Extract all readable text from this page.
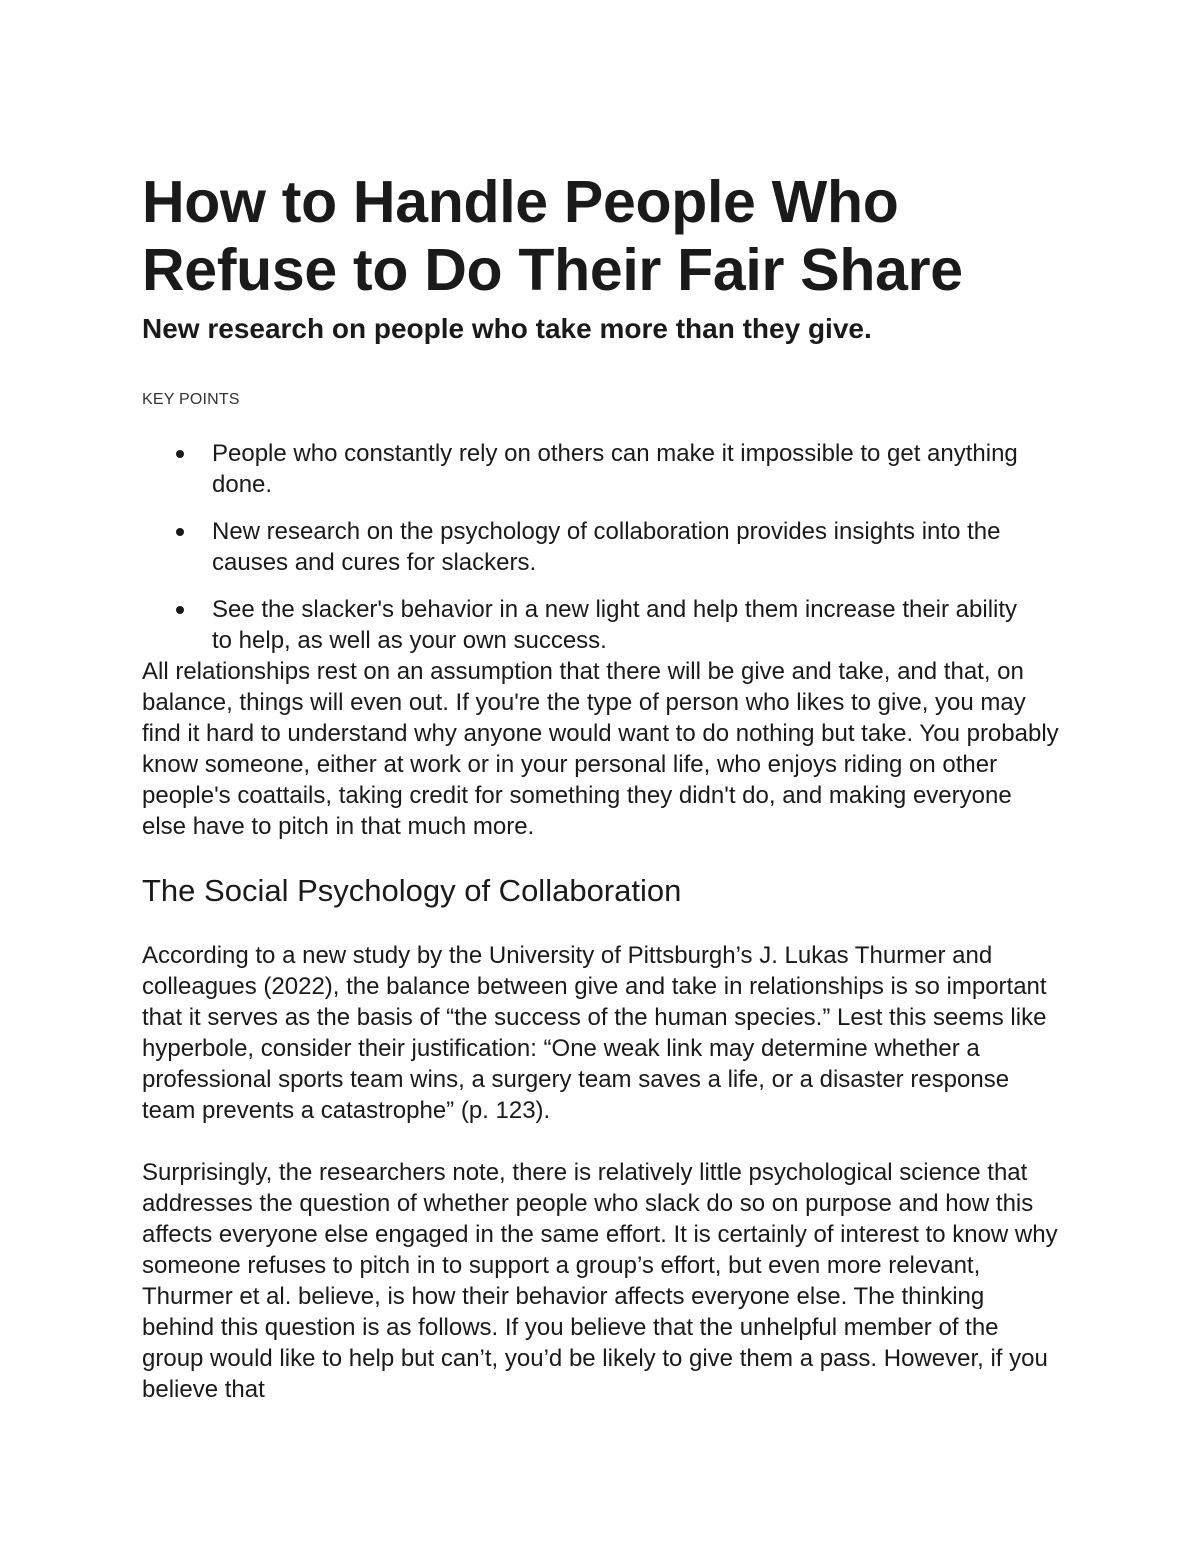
How to Handle People Who
Refuse to Do Their Fair Share

New research on people who take more than they give.

KEY POINTS

People who constantly rely on others can make it impossible to get anything done.
New research on the psychology of collaboration provides insights into the causes and cures for slackers.
See the slacker's behavior in a new light and help them increase their ability to help, as well as your own success.

All relationships rest on an assumption that there will be give and take, and that, on balance, things will even out. If you're the type of person who likes to give, you may find it hard to understand why anyone would want to do nothing but take. You probably know someone, either at work or in your personal life, who enjoys riding on other people's coattails, taking credit for something they didn't do, and making everyone else have to pitch in that much more.

The Social Psychology of Collaboration

According to a new study by the University of Pittsburgh’s J. Lukas Thurmer and colleagues (2022), the balance between give and take in relationships is so important that it serves as the basis of “the success of the human species.” Lest this seems like hyperbole, consider their justification: “One weak link may determine whether a professional sports team wins, a surgery team saves a life, or a disaster response team prevents a catastrophe” (p. 123).

Surprisingly, the researchers note, there is relatively little psychological science that addresses the question of whether people who slack do so on purpose and how this affects everyone else engaged in the same effort. It is certainly of interest to know why someone refuses to pitch in to support a group’s effort, but even more relevant, Thurmer et al. believe, is how their behavior affects everyone else. The thinking behind this question is as follows. If you believe that the unhelpful member of the group would like to help but can’t, you’d be likely to give them a pass. However, if you believe that
